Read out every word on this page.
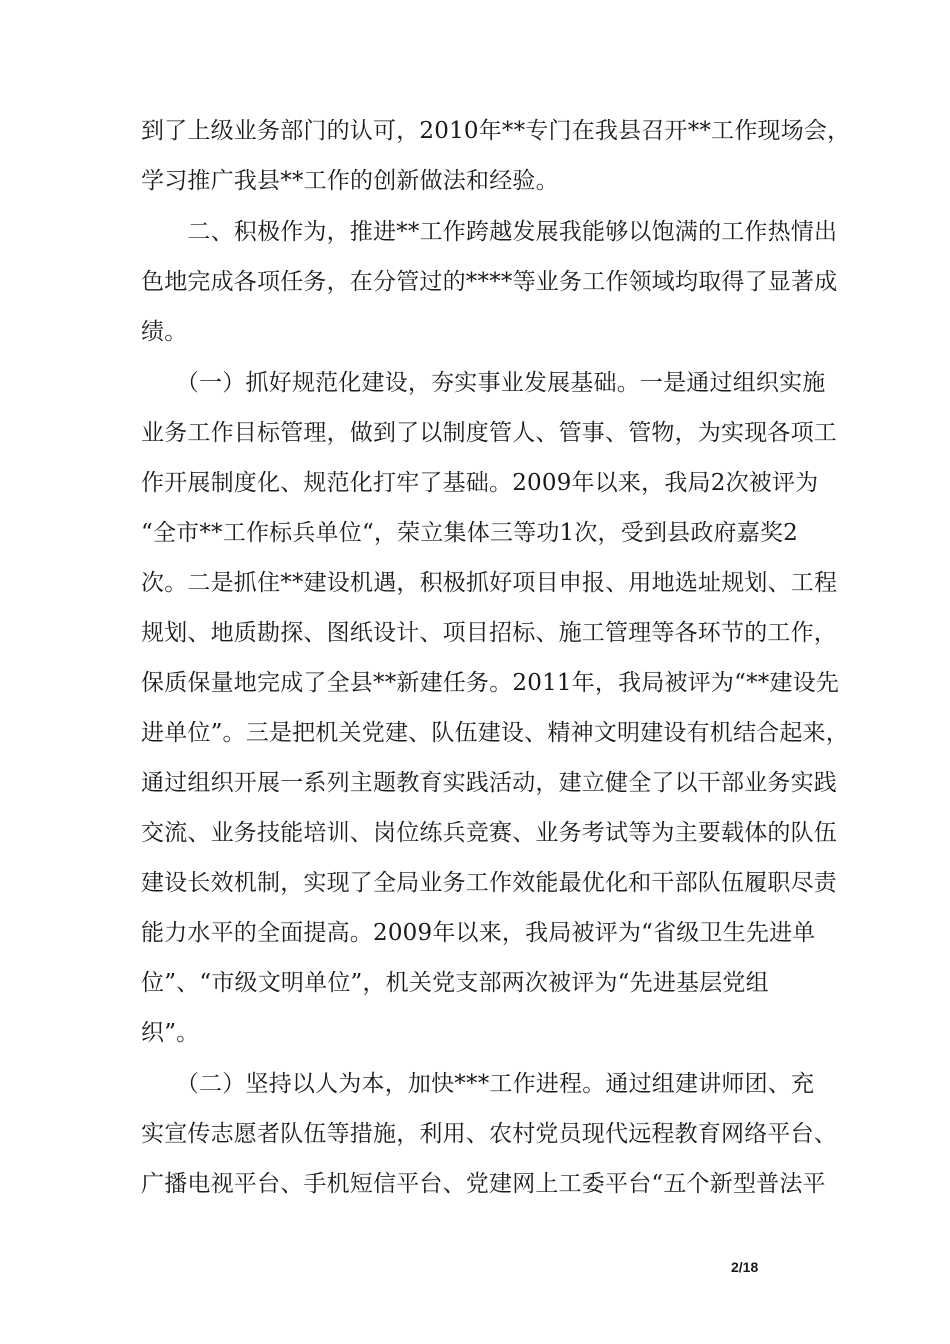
到了上级业务部门的认可，2010年**专门在我县召开**工作现场会，
学习推广我县**工作的创新做法和经验。
　　二、积极作为，推进**工作跨越发展我能够以饱满的工作热情出
色地完成各项任务，在分管过的****等业务工作领域均取得了显著成
绩。
　　（一）抓好规范化建设，夯实事业发展基础。一是通过组织实施
业务工作目标管理，做到了以制度管人、管事、管物，为实现各项工
作开展制度化、规范化打牢了基础。2009年以来，我局2次被评为
“全市**工作标兵单位“，荣立集体三等功1次，受到县政府嘉奖2
次。二是抓住**建设机遇，积极抓好项目申报、用地选址规划、工程
规划、地质勘探、图纸设计、项目招标、施工管理等各环节的工作，
保质保量地完成了全县**新建任务。2011年，我局被评为“**建设先
进单位”。三是把机关党建、队伍建设、精神文明建设有机结合起来，
通过组织开展一系列主题教育实践活动，建立健全了以干部业务实践
交流、业务技能培训、岗位练兵竞赛、业务考试等为主要载体的队伍
建设长效机制，实现了全局业务工作效能最优化和干部队伍履职尽责
能力水平的全面提高。2009年以来，我局被评为“省级卫生先进单
位”、“市级文明单位”，机关党支部两次被评为“先进基层党组
织”。
　　（二）坚持以人为本，加快***工作进程。通过组建讲师团、充
实宣传志愿者队伍等措施，利用、农村党员现代远程教育网络平台、
广播电视平台、手机短信平台、党建网上工委平台“五个新型普法平
2/18
